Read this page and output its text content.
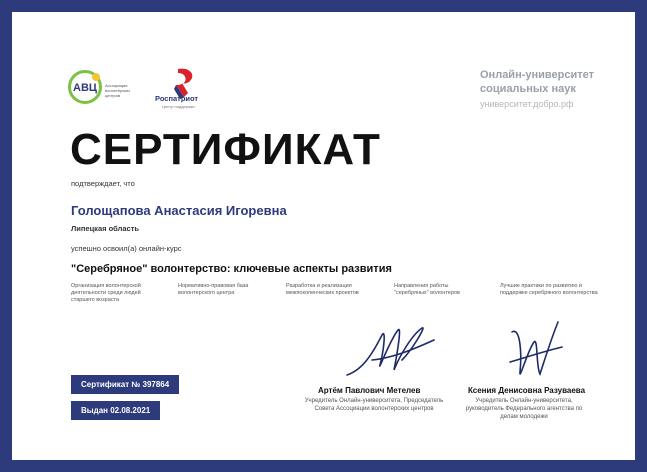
АВЦ Ассоциация волонтёрских центров	Роспатриот
Центр поддержки
Онлайн-университет
социальных наук
университет.добро.рф
СЕРТИФИКАТ
подтверждает, что
Голощапова Анастасия Игоревна
Липецкая область
успешно освоил(а) онлайн-курс
"Серебряное" волонтерство: ключевые аспекты развития
Организация волонтерской деятельности среди людей старшего возраста
Нормативно-правовая база волонтерского центра
Разработка и реализация межпоколенческих проектов
Направления работы "серебряных" волонтеров
Лучшие практики по развитию и поддержке серебряного волонтерства
Сертификат № 397864
Выдан 02.08.2021
Артём Павлович Метелев
Учредитель Онлайн-университета, Председатель Совета Ассоциации волонтерских центров
Ксения Денисовна Разуваева
Учредитель Онлайн-университета, руководитель Федерального агентства по делам молодежи
